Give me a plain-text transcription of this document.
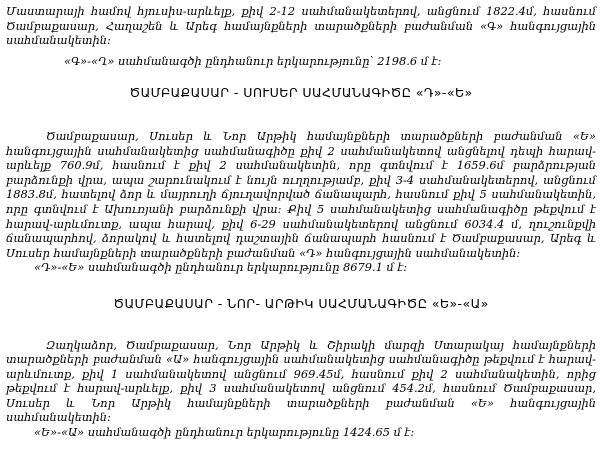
Մաստարայի համով հյուսիս-արևելք, քիվ 2-12 սահմանակետերով, անցնում 1822.4մ, հասնում Ծամբաքասար, Հաղաշեն և Արեգ համայնքների տարածքների բաժանման «Գ» հանգույցային սահմանակետին:

«Գ»-«Ղ» սահմանագծի ընդհանուր երկարությունը՝ 2198.6 մ է:

ԾԱՄԲԱՔԱՍԱՐ - ՍՈՒՍԵՐ ՍԱՀՄԱՆԱԳԻԾԸ «Դ»-«Ե»

Ծամբաքասար, Սուսեր և Նոր Արթիկ համայնքների տարածքների բաժանման «Ե» հանգույցային սահմանակետից սահմանագիծը քիվ 2 սահմանակետով անցնելով դեպի հարավ-արևելք 760.9մ, հասնում է քիվ 2 սահմանակետին, որը գտնվում է 1659.6մ բարձրության բարձունքի վրա, ապա շարունակում է նույն ուղղությամբ, քիվ 3-4 սահմանակետերով, անցնում 1883.8մ, հատելով ձոր և մայրուղի ճյուղավորված ճանապարհ, հասնում քիվ 5 սահմանակետին, որը գտնվում է Ախուռյանի բարձունքի վրա: Քիվ 5 սահմանակետից սահմանագիծը թեքվում է հարավ-արևմուտք, ապա հարավ, քիվ 6-29 սահմանակետերով անցնում 6034.4 մ, ղուշունքվի ճանապարհով, ձորակով և հատելով դաշտային ճանապարհ հասնում է Ծամբաքասար, Արեգ և Սուսեր համայնքների տարածքների բաժանման «Դ» հանգույցային սահմանակետին:

«Դ»-«Ե» սահմանագծի ընդհանուր երկարությունը 8679.1 մ է:

ԾԱՄԲԱՔԱՍԱՐ - ՆՈՐ- ԱՐԹԻԿ ՍԱՀՄԱՆԱԳԻԾԸ «Ե»-«Ա»

Զաղկաձոր, Ծամբաքասար, Նոր Արթիկ և Շիրակի մարզի Ստարակայ համայնքների տարածքների բաժանման «Ա» հանգույցային սահմանակետից սահմանագիծը թեքվում է հարավ-արևմուտք, քիվ 1 սահմանակետով անցնում 969.45մ, հասնում քիվ 2 սահմանակետին, որից թեքվում է հարավ-արևելք, քիվ 3 սահմանակետով անցնում 454.2մ, հասնում Ծամբաքասար, Սուսեր և Նոր Արթիկ համայնքների տարածքների բաժանման «Ե» հանգույցային սահմանակետին:

«Ե»-«Ա» սահմանագծի ընդհանուր երկարությունը 1424.65 մ է:
